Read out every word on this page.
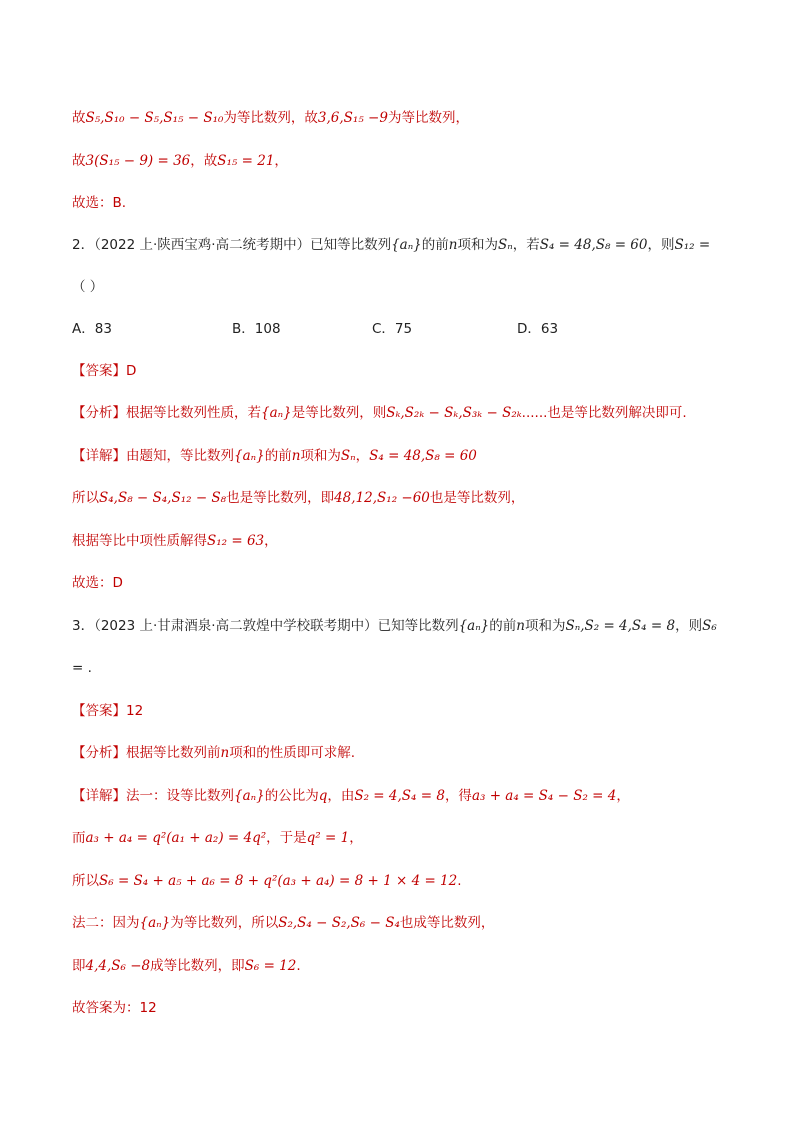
故S₅,S₁₀ − S₅,S₁₅ − S₁₀为等比数列，故3,6,S₁₅ −9为等比数列，
故3(S₁₅ − 9) = 36，故S₁₅ = 21，
故选：B.
2．（2022 上·陕西宝鸡·高二统考期中）已知等比数列{aₙ}的前n项和为Sₙ，若S₄ = 48,S₈ = 60，则S₁₂ =
（ ）
A．83	B．108	C．75	D．63
【答案】D
【分析】根据等比数列性质，若{aₙ}是等比数列，则Sₖ,S₂ₖ − Sₖ,S₃ₖ − S₂ₖ......也是等比数列解决即可.
【详解】由题知，等比数列{aₙ}的前n项和为Sₙ，S₄ = 48,S₈ = 60
所以S₄,S₈ − S₄,S₁₂ − S₈也是等比数列，即48,12,S₁₂ −60也是等比数列，
根据等比中项性质解得S₁₂ = 63，
故选：D
3．（2023 上·甘肃酒泉·高二敦煌中学校联考期中）已知等比数列{aₙ}的前n项和为Sₙ,S₂ = 4,S₄ = 8，则S₆
= .
【答案】12
【分析】根据等比数列前n项和的性质即可求解.
【详解】法一：设等比数列{aₙ}的公比为q，由S₂ = 4,S₄ = 8，得a₃ + a₄ = S₄ − S₂ = 4，
而a₃ + a₄ = q²(a₁ + a₂) = 4q²，于是q² = 1，
所以S₆ = S₄ + a₅ + a₆ = 8 + q²(a₃ + a₄) = 8 + 1 × 4 = 12.
法二：因为{aₙ}为等比数列，所以S₂,S₄ − S₂,S₆ − S₄也成等比数列，
即4,4,S₆ −8成等比数列，即S₆ = 12.
故答案为：12
